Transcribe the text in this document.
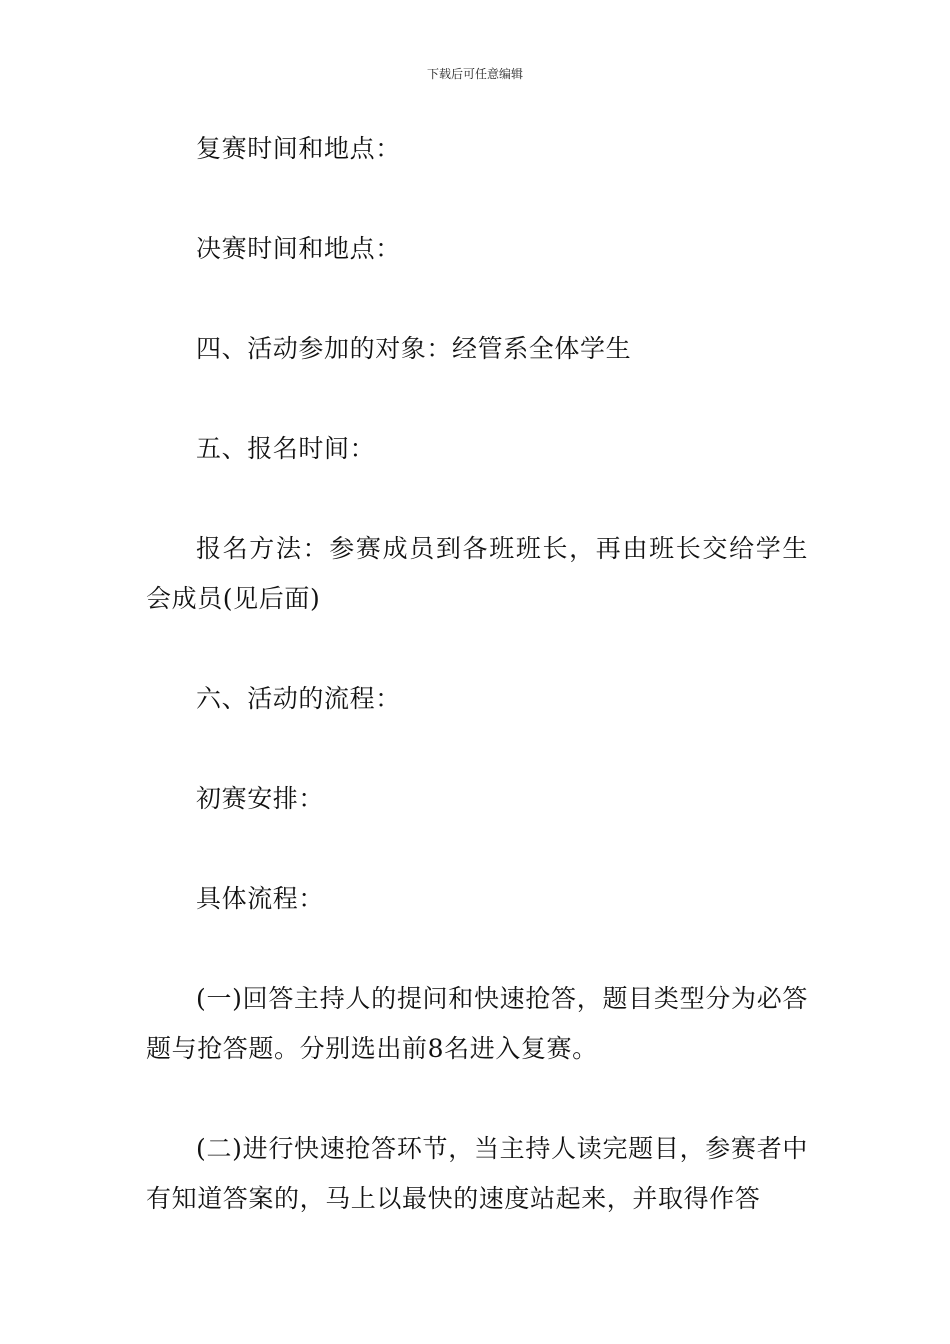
下载后可任意编辑

复赛时间和地点：

决赛时间和地点：

四、活动参加的对象：经管系全体学生

五、报名时间：

报名方法：参赛成员到各班班长，再由班长交给学生会成员(见后面)

六、活动的流程：

初赛安排：

具体流程：

(一)回答主持人的提问和快速抢答，题目类型分为必答题与抢答题。分别选出前8名进入复赛。

(二)进行快速抢答环节，当主持人读完题目，参赛者中有知道答案的，马上以最快的速度站起来，并取得作答
